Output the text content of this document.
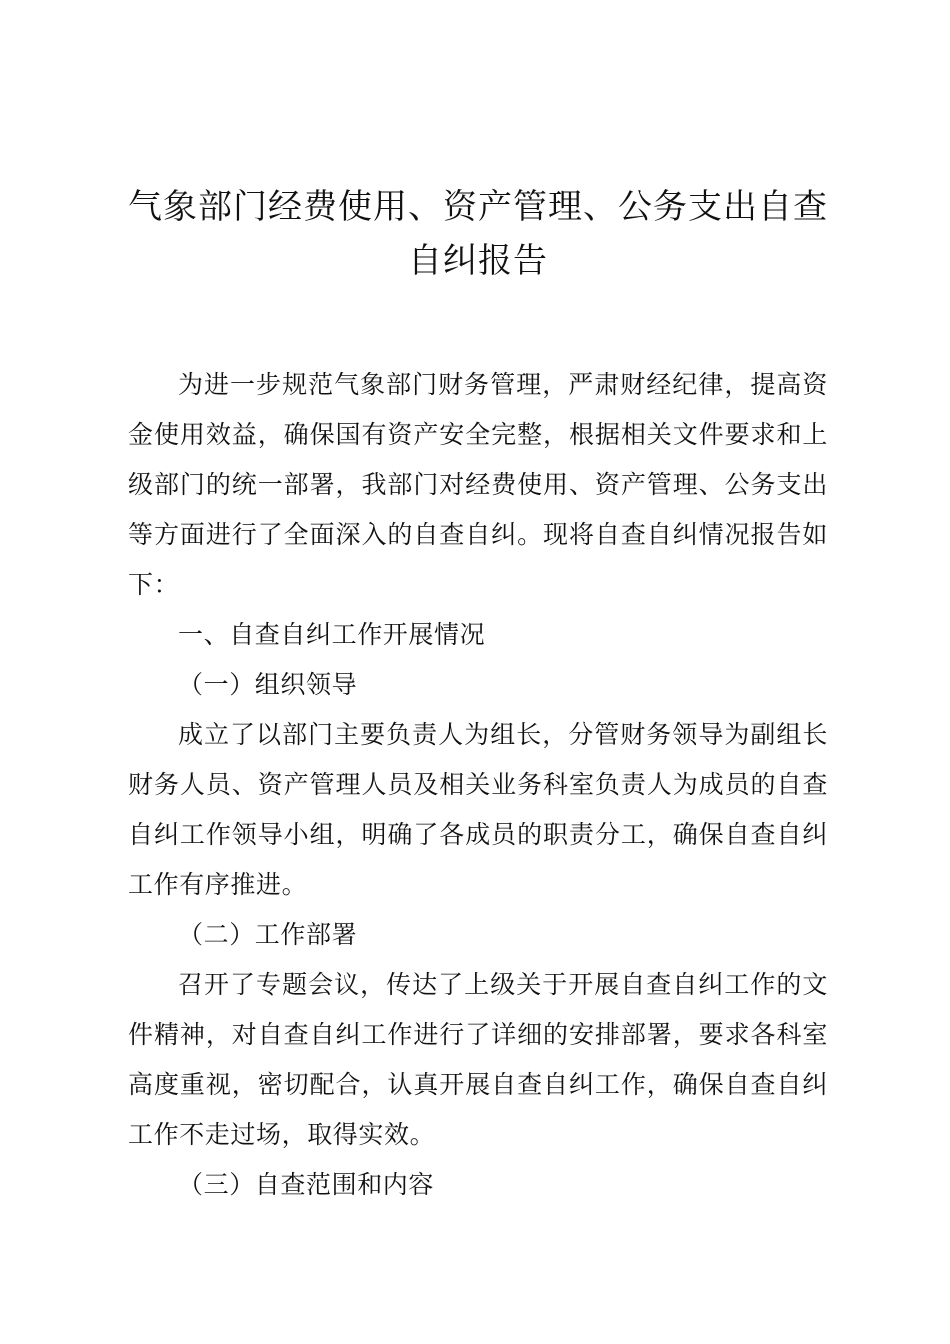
气象部门经费使用、资产管理、公务支出自查
自纠报告

为进一步规范气象部门财务管理，严肃财经纪律，提高资金使用效益，确保国有资产安全完整，根据相关文件要求和上级部门的统一部署，我部门对经费使用、资产管理、公务支出等方面进行了全面深入的自查自纠。现将自查自纠情况报告如下：

一、自查自纠工作开展情况

（一）组织领导

成立了以部门主要负责人为组长，分管财务领导为副组长财务人员、资产管理人员及相关业务科室负责人为成员的自查自纠工作领导小组，明确了各成员的职责分工，确保自查自纠工作有序推进。

（二）工作部署

召开了专题会议，传达了上级关于开展自查自纠工作的文件精神，对自查自纠工作进行了详细的安排部署，要求各科室高度重视，密切配合，认真开展自查自纠工作，确保自查自纠工作不走过场，取得实效。

（三）自查范围和内容
